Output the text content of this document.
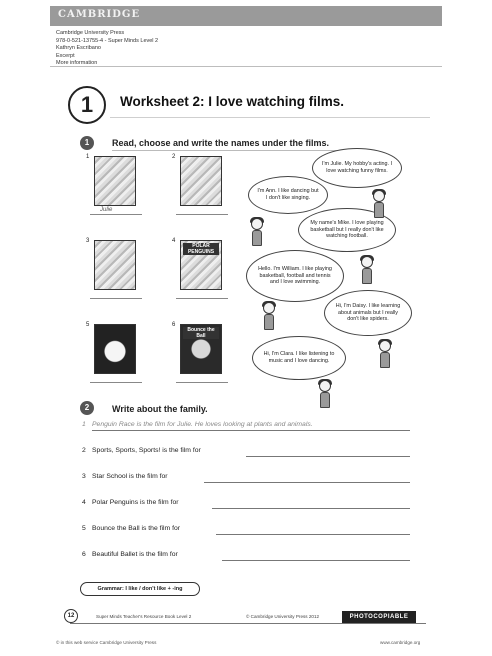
CAMBRIDGE
Cambridge University Press
978-0-521-13755-4 - Super Minds Level 2
Kathryn Escribano
Excerpt
More information
1	Worksheet 2: I love watching films.
1	Read, choose and write the names under the films.
1
Julie
2
3	4
POLAR PENGUINS
5	6
Bounce the Ball
I'm Julie. My hobby's acting. I love watching funny films.
I'm Ann. I like dancing but I don't like singing.
My name's Mike. I love playing basketball but I really don't like watching football.
Hello. I'm William. I like playing basketball, football and tennis and I love swimming.
Hi, I'm Daisy. I like learning about animals but I really don't like spiders.
Hi, I'm Clara. I like listening to music and I love dancing.
2	Write about the family.
1 Penguin Race is the film for Julie. He loves looking at plants and animals.
2 Sports, Sports, Sports! is the film for
3 Star School is the film for
4 Polar Penguins is the film for
5 Bounce the Ball is the film for
6 Beautiful Ballet is the film for
Grammar: I like / don't like + -ing
12	Super Minds Teacher's Resource Book Level 2	© Cambridge University Press 2012	PHOTOCOPIABLE
© in this web service Cambridge University Press	www.cambridge.org
